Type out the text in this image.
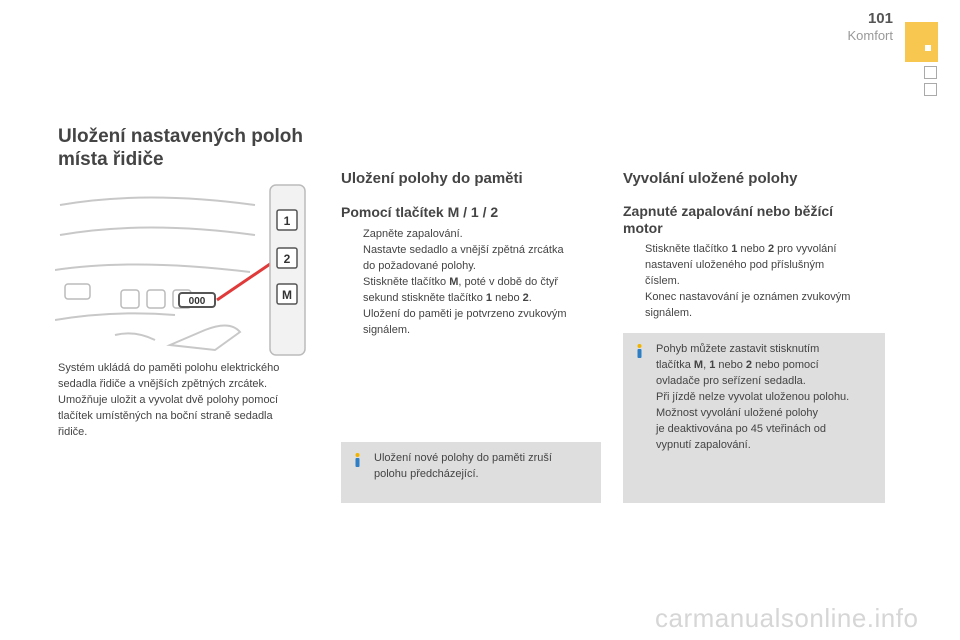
101
Komfort
Uložení nastavených poloh
místa řidiče
1
2
M
000
Systém ukládá do paměti polohu elektrického
sedadla řidiče a vnějších zpětných zrcátek.
Umožňuje uložit a vyvolat dvě polohy pomocí
tlačítek umístěných na boční straně sedadla
řidiče.
Uložení polohy do paměti
Pomocí tlačítek M / 1 / 2
Zapněte zapalování.
Nastavte sedadlo a vnější zpětná zrcátka
do požadované polohy.
Stiskněte tlačítko M, poté v době do čtyř
sekund stiskněte tlačítko 1 nebo 2.
Uložení do paměti je potvrzeno zvukovým
signálem.
Uložení nové polohy do paměti zruší
polohu předcházející.
Vyvolání uložené polohy
Zapnuté zapalování nebo běžící
motor
Stiskněte tlačítko 1 nebo 2 pro vyvolání
nastavení uloženého pod příslušným
číslem.
Konec nastavování je oznámen zvukovým
signálem.
Pohyb můžete zastavit stisknutím
tlačítka M, 1 nebo 2 nebo pomocí
ovladače pro seřízení sedadla.
Při jízdě nelze vyvolat uloženou polohu.
Možnost vyvolání uložené polohy
je deaktivována po 45 vteřinách od
vypnutí zapalování.
carmanualsonline.info
